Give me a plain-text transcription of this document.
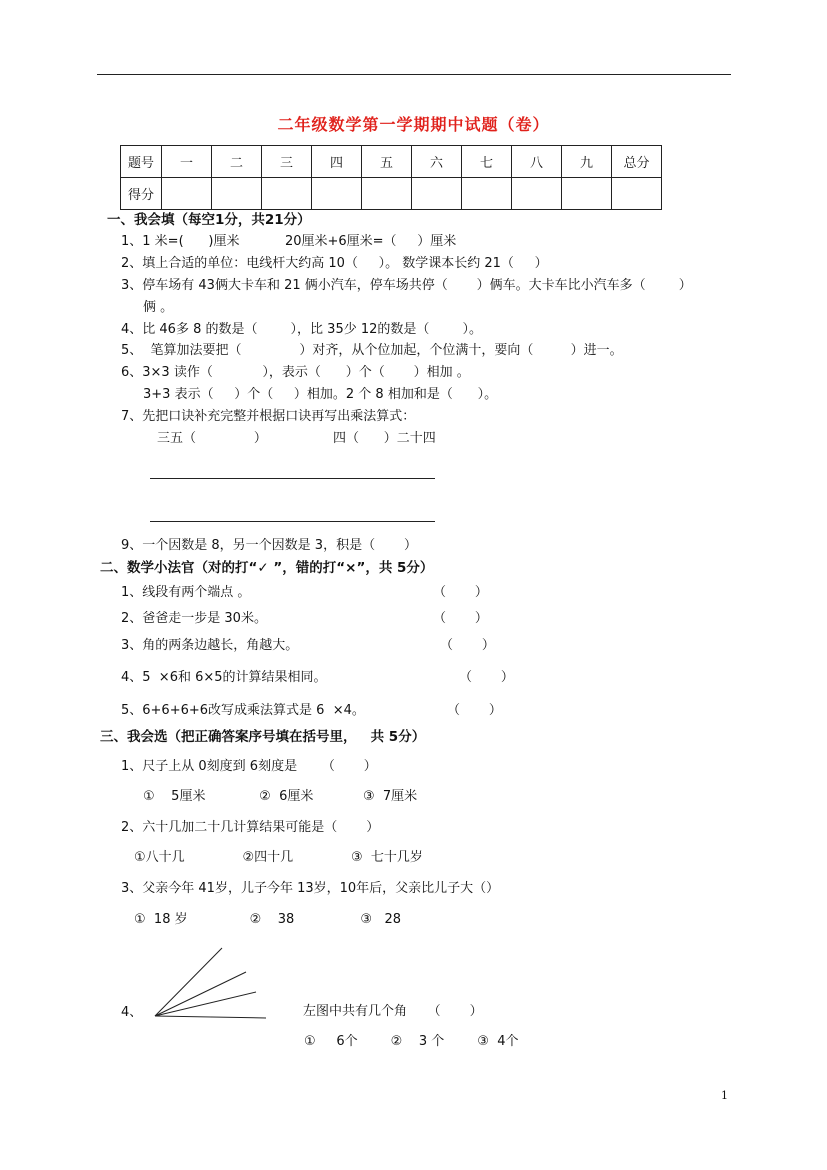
二年级数学第一学期期中试题（卷）
题号	一	二	三	四	五	六	七	八	九	总分
得分										
一、我会填（每空1分，共21分）
1、1 米=(      )厘米           20厘米+6厘米=（     ）厘米
2、填上合适的单位：电线杆大约高 10（     ）。 数学课本长约 21（     ）
3、停车场有 43俩大卡车和 21 俩小汽车，停车场共停（       ）俩车。大卡车比小汽车多（        ）
俩 。
4、比 46多 8 的数是（        ），比 35少 12的数是（        ）。
5、  笔算加法要把（              ）对齐，从个位加起，个位满十，要向（         ）进一。
6、3×3 读作（            ），表示（      ）个（       ）相加 。
3+3 表示（     ）个（     ）相加。2 个 8 相加和是（      ）。
7、先把口诀补充完整并根据口诀再写出乘法算式：
三五（              ）                四（      ）二十四
9、一个因数是 8，另一个因数是 3，积是（       ）
二、数学小法官（对的打“✓ ”，错的打“×”，共 5分）
1、线段有两个端点 。	（       ）
2、爸爸走一步是 30米。	（       ）
3、角的两条边越长，角越大。	（       ）
4、5  ×6和 6×5的计算结果相同。	（       ）
5、6+6+6+6改写成乘法算式是 6  ×4。	（       ）
三、我会选（把正确答案序号填在括号里，   共 5分）
1、尺子上从 0刻度到 6刻度是      （       ）
①    5厘米             ②  6厘米            ③  7厘米
2、六十几加二十几计算结果可能是（       ）
①八十几              ②四十几              ③  七十几岁
3、父亲今年 41岁，儿子今年 13岁，10年后，父亲比儿子大（）
①  18 岁               ②    38                ③   28
4、	左图中共有几个角     （       ）
①     6个        ②    3 个        ③  4个
1
